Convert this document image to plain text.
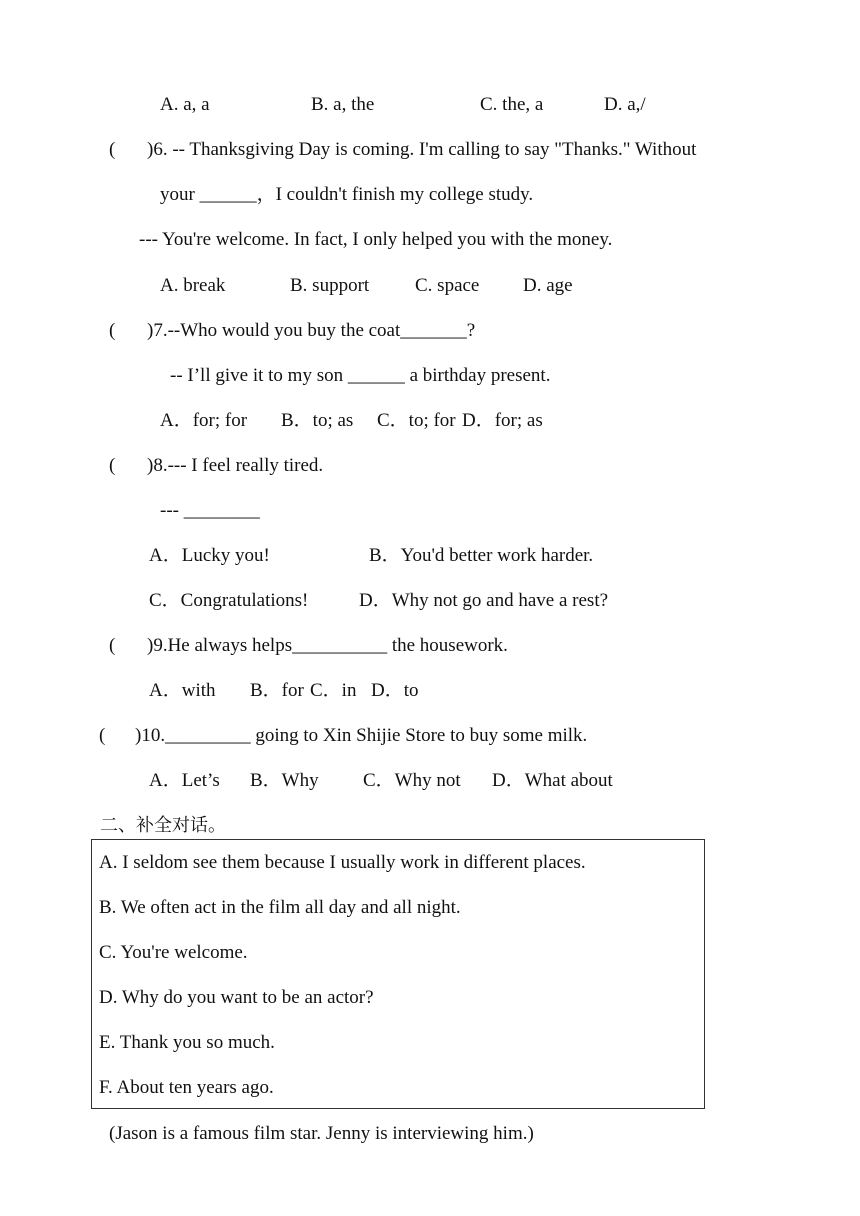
A. a, a	B. a, the	C. the, a	D. a,/
( )6. -- Thanksgiving Day is coming. I'm calling to say "Thanks." Without
your ______，I couldn't finish my college study.
--- You're welcome. In fact, I only helped you with the money.
A. break	B. support C. space D. age
( )7.--Who would you buy the coat_______?
-- I’ll give it to my son ______ a birthday present.
A．for; for B．to; as C．to; for D．for; as
( )8.--- I feel really tired.
--- ________
A．Lucky you!	B．You'd better work harder.
C．Congratulations!	D．Why not go and have a rest?
( )9.He always helps__________ the housework.
A．with B．for C．in D．to
( )10._________ going to Xin Shijie Store to buy some milk.
A．Let’s B．Why C．Why not D．What about
二、补全对话。
A. I seldom see them because I usually work in different places.
B. We often act in the film all day and all night.
C. You're welcome.
D. Why do you want to be an actor?
E. Thank you so much.
F. About ten years ago.
(Jason is a famous film star. Jenny is interviewing him.)
